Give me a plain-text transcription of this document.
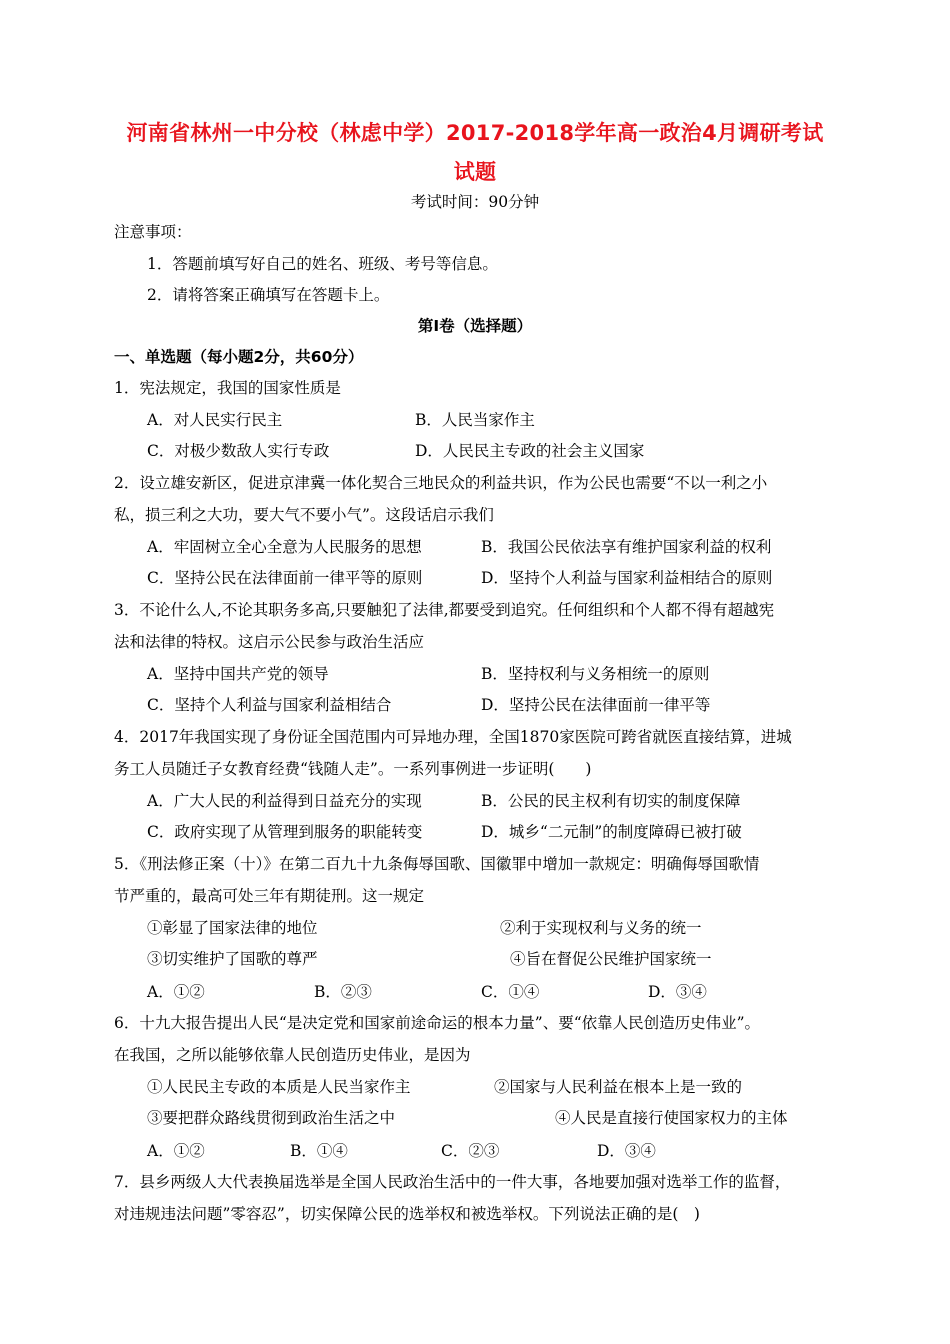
河南省林州一中分校（林虑中学）2017-2018学年高一政治4月调研考试
试题
考试时间：90分钟
注意事项：
1．答题前填写好自己的姓名、班级、考号等信息。
2．请将答案正确填写在答题卡上。
第Ⅰ卷（选择题）
一、单选题（每小题2分，共60分）
1．宪法规定，我国的国家性质是
A．对人民实行民主	B．人民当家作主
C．对极少数敌人实行专政	D．人民民主专政的社会主义国家
2．设立雄安新区，促进京津冀一体化契合三地民众的利益共识，作为公民也需要“不以一利之小
私，损三利之大功，要大气不要小气”。这段话启示我们
A．牢固树立全心全意为人民服务的思想	B．我国公民依法享有维护国家利益的权利
C．坚持公民在法律面前一律平等的原则	D．坚持个人利益与国家利益相结合的原则
3．不论什么人,不论其职务多高,只要触犯了法律,都要受到追究。任何组织和个人都不得有超越宪
法和法律的特权。这启示公民参与政治生活应
A．坚持中国共产党的领导	B．坚持权利与义务相统一的原则
C．坚持个人利益与国家利益相结合	D．坚持公民在法律面前一律平等
4．2017年我国实现了身份证全国范围内可异地办理，全国1870家医院可跨省就医直接结算，进城
务工人员随迁子女教育经费“钱随人走”。一系列事例进一步证明(　　)
A．广大人民的利益得到日益充分的实现	B．公民的民主权利有切实的制度保障
C．政府实现了从管理到服务的职能转变	D．城乡“二元制”的制度障碍已被打破
5．《刑法修正案（十）》在第二百九十九条侮辱国歌、国徽罪中增加一款规定：明确侮辱国歌情
节严重的，最高可处三年有期徒刑。这一规定
①彰显了国家法律的地位	②利于实现权利与义务的统一
③切实维护了国歌的尊严	④旨在督促公民维护国家统一
A．①②	B．②③	C．①④	D．③④
6．十九大报告提出人民“是决定党和国家前途命运的根本力量”、要“依靠人民创造历史伟业”。
在我国，之所以能够依靠人民创造历史伟业，是因为
①人民民主专政的本质是人民当家作主	②国家与人民利益在根本上是一致的
③要把群众路线贯彻到政治生活之中	④人民是直接行使国家权力的主体
A．①②	B．①④	C．②③	D．③④
7．县乡两级人大代表换届选举是全国人民政治生活中的一件大事，各地要加强对选举工作的监督，
对违规违法问题”零容忍”，切实保障公民的选举权和被选举权。下列说法正确的是(　)
